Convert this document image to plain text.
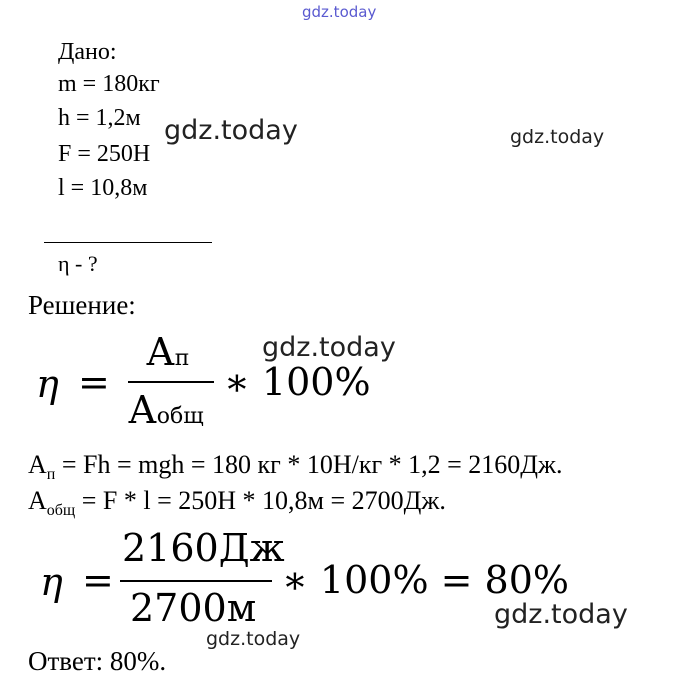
gdz.today
gdz.today	gdz.today
gdz.today
gdz.today
gdz.today
Дано:
m = 180кг
h = 1,2м
F = 250Н
l = 10,8м
η - ?
Решение:
η =
Ап
Аобщ
∗ 100%
$А_п = Fh$ = mgh = 180 кг * 10Н/кг * 1,2 = 2160Дж.
$А_{общ} = F * l = 250Н * 10,8м = 2700Дж$.
η =
2160Дж
2700м
∗ 100% = 80%
Ответ: 80%.
